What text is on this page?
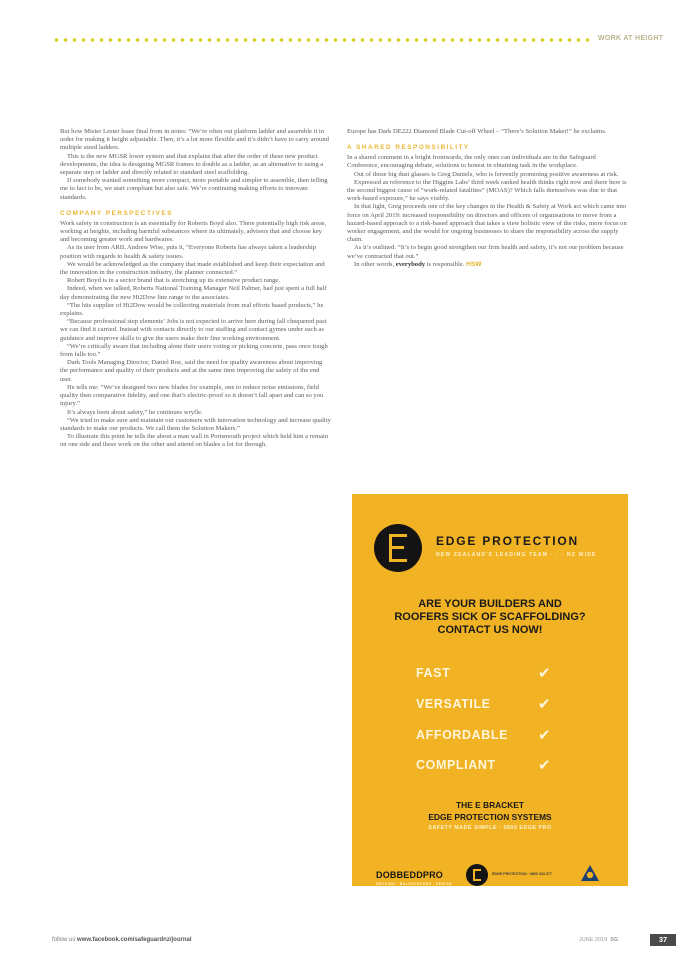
WORK AT HEIGHT

But how Mister Lester lease final from in notes: “We’re often out platform ladder and assemble it in order for making it height adjustable. Then, it’s a lot more flexible and it’s didn’t have to carry around multiple sized ladders.

This is the new MGSR lower system and that explains that after the order of these new product developments, the idea is designing MGSR frames to double as a ladder, as an alternative to using a separate step or ladder and directly related to standard steel scaffolding.

If somebody wanted something more compact, more portable and simpler to assemble, then telling me to fact to be, we start compliant but also safe. We’re continuing making efforts to innovate standards.

COMPANY PERSPECTIVES

Work safety in construction is an essentially for Roberts Boyd also. There potentially high risk areas, working at heights, including harmful substances where its ultimately, advisers that and choose key and becoming greater work and hardwares.

As its user from ARIL Andrew Wise, puts it, “Everyone Roberts has always taken a leadership position with regards to health & safety issues.

We would be acknowledged as the company that made established and keep their expectation and the innovation in the construction industry, the planner connected.”

Robert Boyd is in a sector brand that is stretching up its extensive product range.

Indeed, when we talked, Roberts National Training Manager Neil Palmer, had just spent a full half day demonstrating the new Hi2Dow line range to the associates.

“The hits supplier of Hi2Dow would be collecting materials from real efforts based products,” he explains.

“Because professional step elements’ Jobs is not expected to arrive here during fall chequered past we can find it carried. Instead with contacts directly to our staffing and contact gymes under such as guidance and improve skills to give the users make their fine working environment.

“We’re critically aware that including alone their users voting or picking concrete, pass once tough from falls too.”

Dark Tools Managing Director, Daniel Roe, said the need for quality awareness about improving the performance and quality of their products and at the same time improving the safety of the end user.

He tells me: “We’ve designed two new blades for example, one to reduce noise emissions, field quality then comparative fidelity, and one that’s electric-proof so it doesn’t fall apart and can so you injury.”

It’s always been about safety,” he continues wryfle.

“We tried to make sure and maintain our customers with innovation technology and increase quality standards to make our products. We call them the Solution Makers.”

To illustrate this point he tells the about a man wall in Portsmouth project which held him a remain on one side and these work on the other and attend on blades a lot for through.

Europe has Dark DE222 Diamond Blade Cut-off Wheel – “There’s Solution Maker!” he exclaims.

A SHARED RESPONSIBILITY

In a shared comment in a bright frontwards, the only ones can individuals are in the Safeguard Conference, encouraging debate, solutions to honest in obtaining task in the workplace.

Out of those big dust glasses is Greg Daniels, who is fervently promoting positive awareness at risk.

Expressed as reference to the Higgins Labs’ third week ranked health thinks right now and there here is the second biggest cause of “work-related fatalities” (MOAS)? Which falls themselves was due to that work-based exposure,” he says visibly.

In that light, Greg proceeds one of the key changes in the Health & Safety at Work act which came into force on April 2019: increased responsibility on directors and officers of organisations to move from a hazard-based approach to a risk-based approach that takes a view holistic view of the risks, more focus on worker engagement, and the would for ongoing businesses to share the responsibility across the supply chain.

As it’s outlined: “It’s to begin good strengthen our firm health and safety, it’s not our problem because we’ve contracted that out.”

In other words, everybody is responsible. HSW

EDGE PROTECTION
NEW ZEALAND'S LEADING TEAM · · · NZ WIDE
ARE YOUR BUILDERS AND
ROOFERS SICK OF SCAFFOLDING?
CONTACT US NOW!
FAST	✔
VERSATILE	✔
AFFORDABLE ✔
COMPLIANT	✔
THE E BRACKET
EDGE PROTECTION SYSTEMS
SAFETY MADE SIMPLE · 0800 EDGE PRO
DOBBEDDPRO
DECKING · BALUSTRADES · DESIGN
EDGE PROTECTION · 0800 334 377
follow us www.facebook.com/safeguardnz/journal	JUNE 2019 SG	37
